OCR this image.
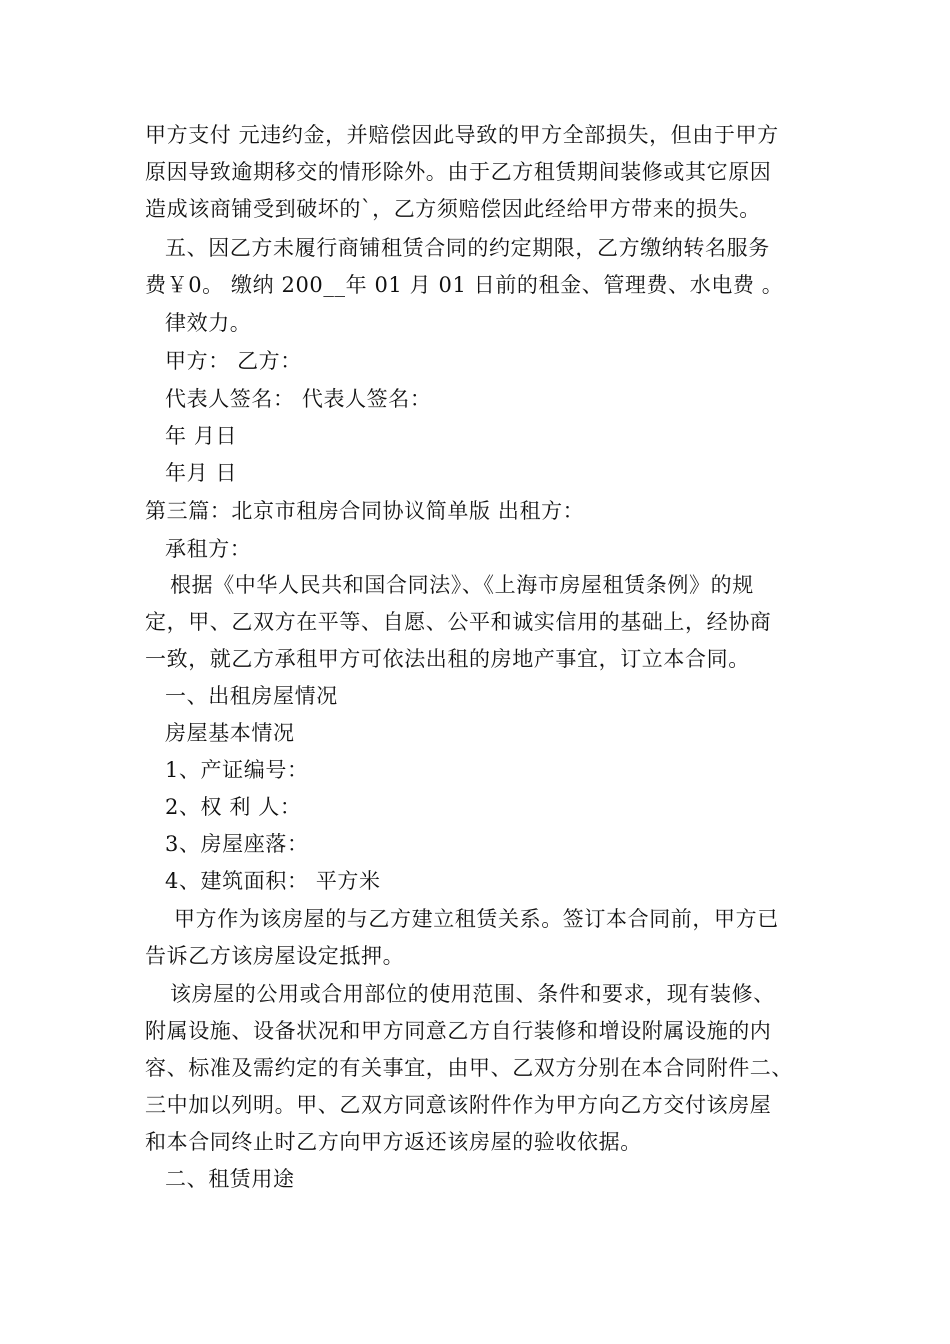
甲方支付 元违约金，并赔偿因此导致的甲方全部损失，但由于甲方
原因导致逾期移交的情形除外。由于乙方租赁期间装修或其它原因
造成该商铺受到破坏的`，乙方须赔偿因此经给甲方带来的损失。
五、因乙方未履行商铺租赁合同的约定期限，乙方缴纳转名服务
费￥0。 缴纳 200__年 01 月 01 日前的租金、管理费、水电费 。
律效力。
甲方： 乙方：
代表人签名： 代表人签名：
年 月日
年月 日
第三篇：北京市租房合同协议简单版 出租方：
承租方：
根据《中华人民共和国合同法》、《上海市房屋租赁条例》的规
定，甲、乙双方在平等、自愿、公平和诚实信用的基础上，经协商
一致，就乙方承租甲方可依法出租的房地产事宜，订立本合同。
一、出租房屋情况
房屋基本情况
1、产证编号：
2、权 利 人：
3、房屋座落：
4、建筑面积： 平方米
甲方作为该房屋的与乙方建立租赁关系。签订本合同前，甲方已
告诉乙方该房屋设定抵押。
该房屋的公用或合用部位的使用范围、条件和要求，现有装修、
附属设施、设备状况和甲方同意乙方自行装修和增设附属设施的内
容、标准及需约定的有关事宜，由甲、乙双方分别在本合同附件二、
三中加以列明。甲、乙双方同意该附件作为甲方向乙方交付该房屋
和本合同终止时乙方向甲方返还该房屋的验收依据。
二、租赁用途
